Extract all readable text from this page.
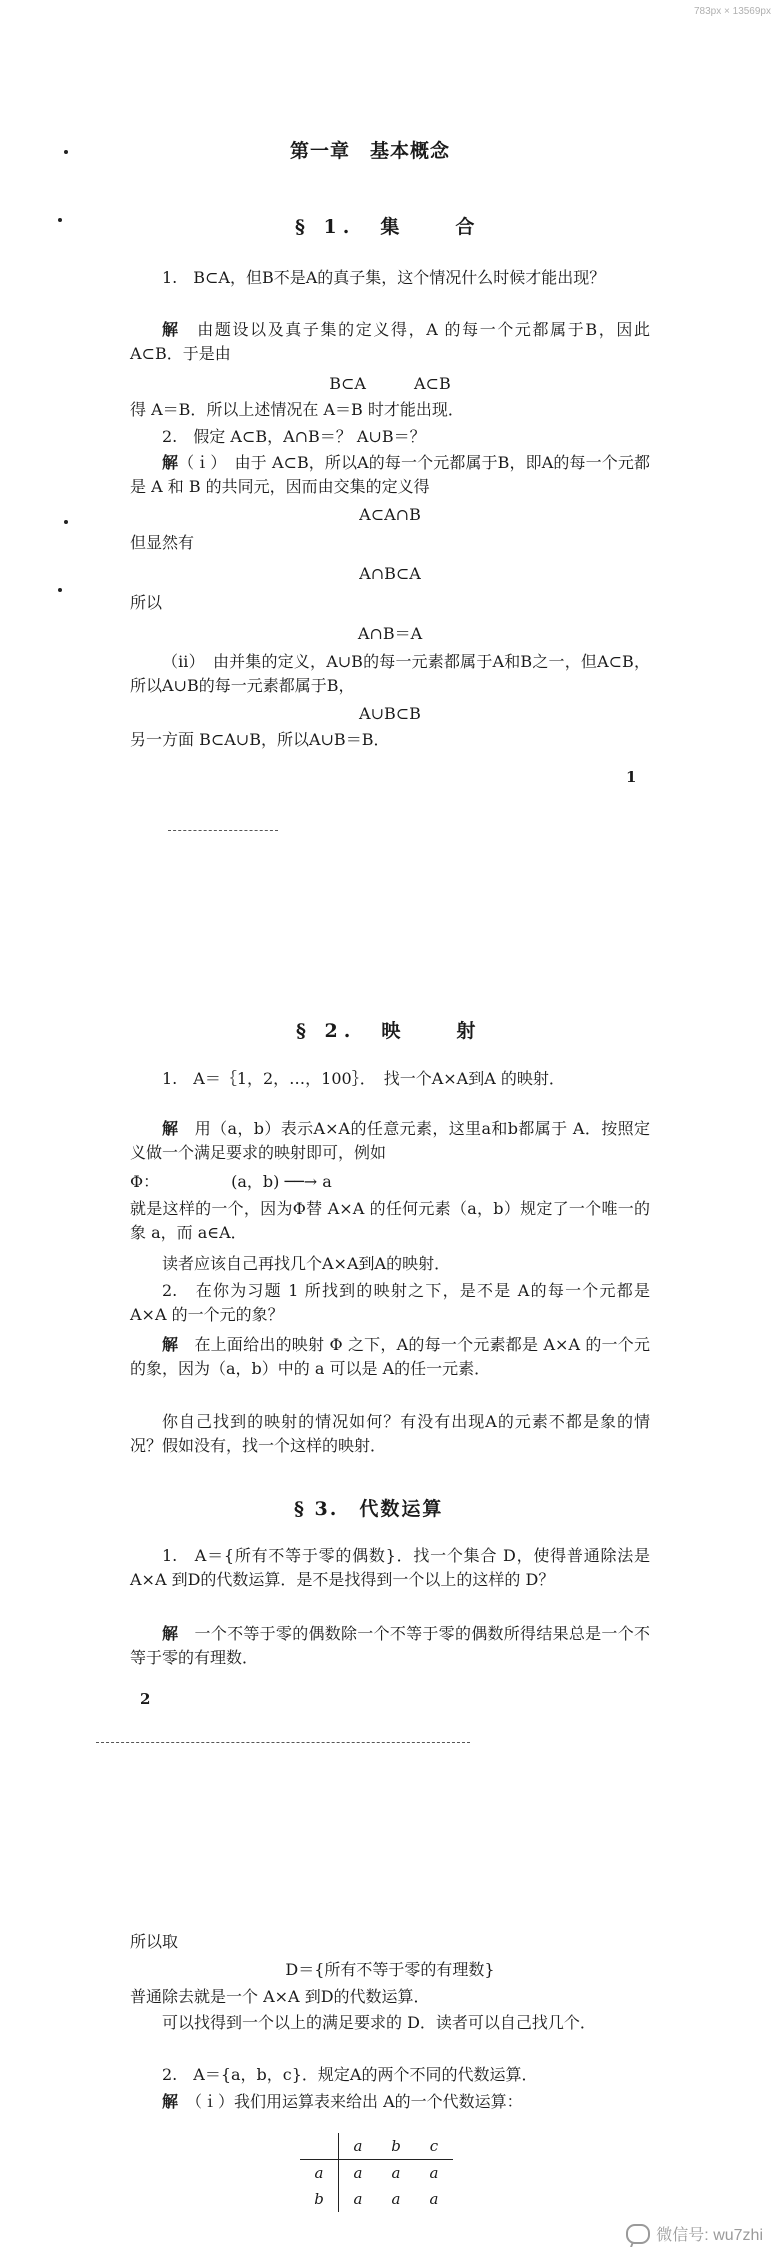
783px × 13569px
第一章　基本概念
§ 1.　集　　合
1.　B⊂A，但B不是A的真子集，这个情况什么时候才能出现？
解　由题设以及真子集的定义得，A 的每一个元都属于B，因此 A⊂B．于是由
B⊂A　　　A⊂B
得 A＝B．所以上述情况在 A＝B 时才能出现．
2.　假定 A⊂B，A∩B＝？ A∪B＝？
解（ｉ）　由于 A⊂B，所以A的每一个元都属于B，即A的每一个元都是 A 和 B 的共同元，因而由交集的定义得
A⊂A∩B
但显然有
A∩B⊂A
所以
A∩B＝A
（ii）　由并集的定义，A∪B的每一元素都属于A和B之一，但A⊂B，所以A∪B的每一元素都属于B，
A∪B⊂B
另一方面 B⊂A∪B，所以A∪B＝B．
1
§ 2.　映　　射
1.　A＝｛1，2，…，100｝．　找一个A×A到A 的映射．
解　用（a，b）表示A×A的任意元素，这里a和b都属于 A．按照定义做一个满足要求的映射即可，例如
Φ：　　　　　(a，b) ──→ a
就是这样的一个，因为Φ替 A×A 的任何元素（a，b）规定了一个唯一的象 a，而 a∈A．
读者应该自己再找几个A×A到A的映射．
2.　在你为习题 1 所找到的映射之下，是不是 A的每一个元都是A×A 的一个元的象？
解　在上面给出的映射 Φ 之下，A的每一个元素都是 A×A 的一个元的象，因为（a，b）中的 a 可以是 A的任一元素．
你自己找到的映射的情况如何？有没有出现A的元素不都是象的情况？假如没有，找一个这样的映射．
§ 3.　代数运算
1.　A＝{所有不等于零的偶数}．找一个集合 D，使得普通除法是A×A 到D的代数运算．是不是找得到一个以上的这样的 D？
解　一个不等于零的偶数除一个不等于零的偶数所得结果总是一个不等于零的有理数．
2
所以取
D＝{所有不等于零的有理数}
普通除去就是一个 A×A 到D的代数运算．
可以找得到一个以上的满足要求的 D．读者可以自己找几个．
2.　A＝{a，b，c}．规定A的两个不同的代数运算．
解　（ｉ）我们用运算表来给出 A的一个代数运算：
	a	b	c
a	a	a	a
b	a	a	a
微信号: wu7zhi
